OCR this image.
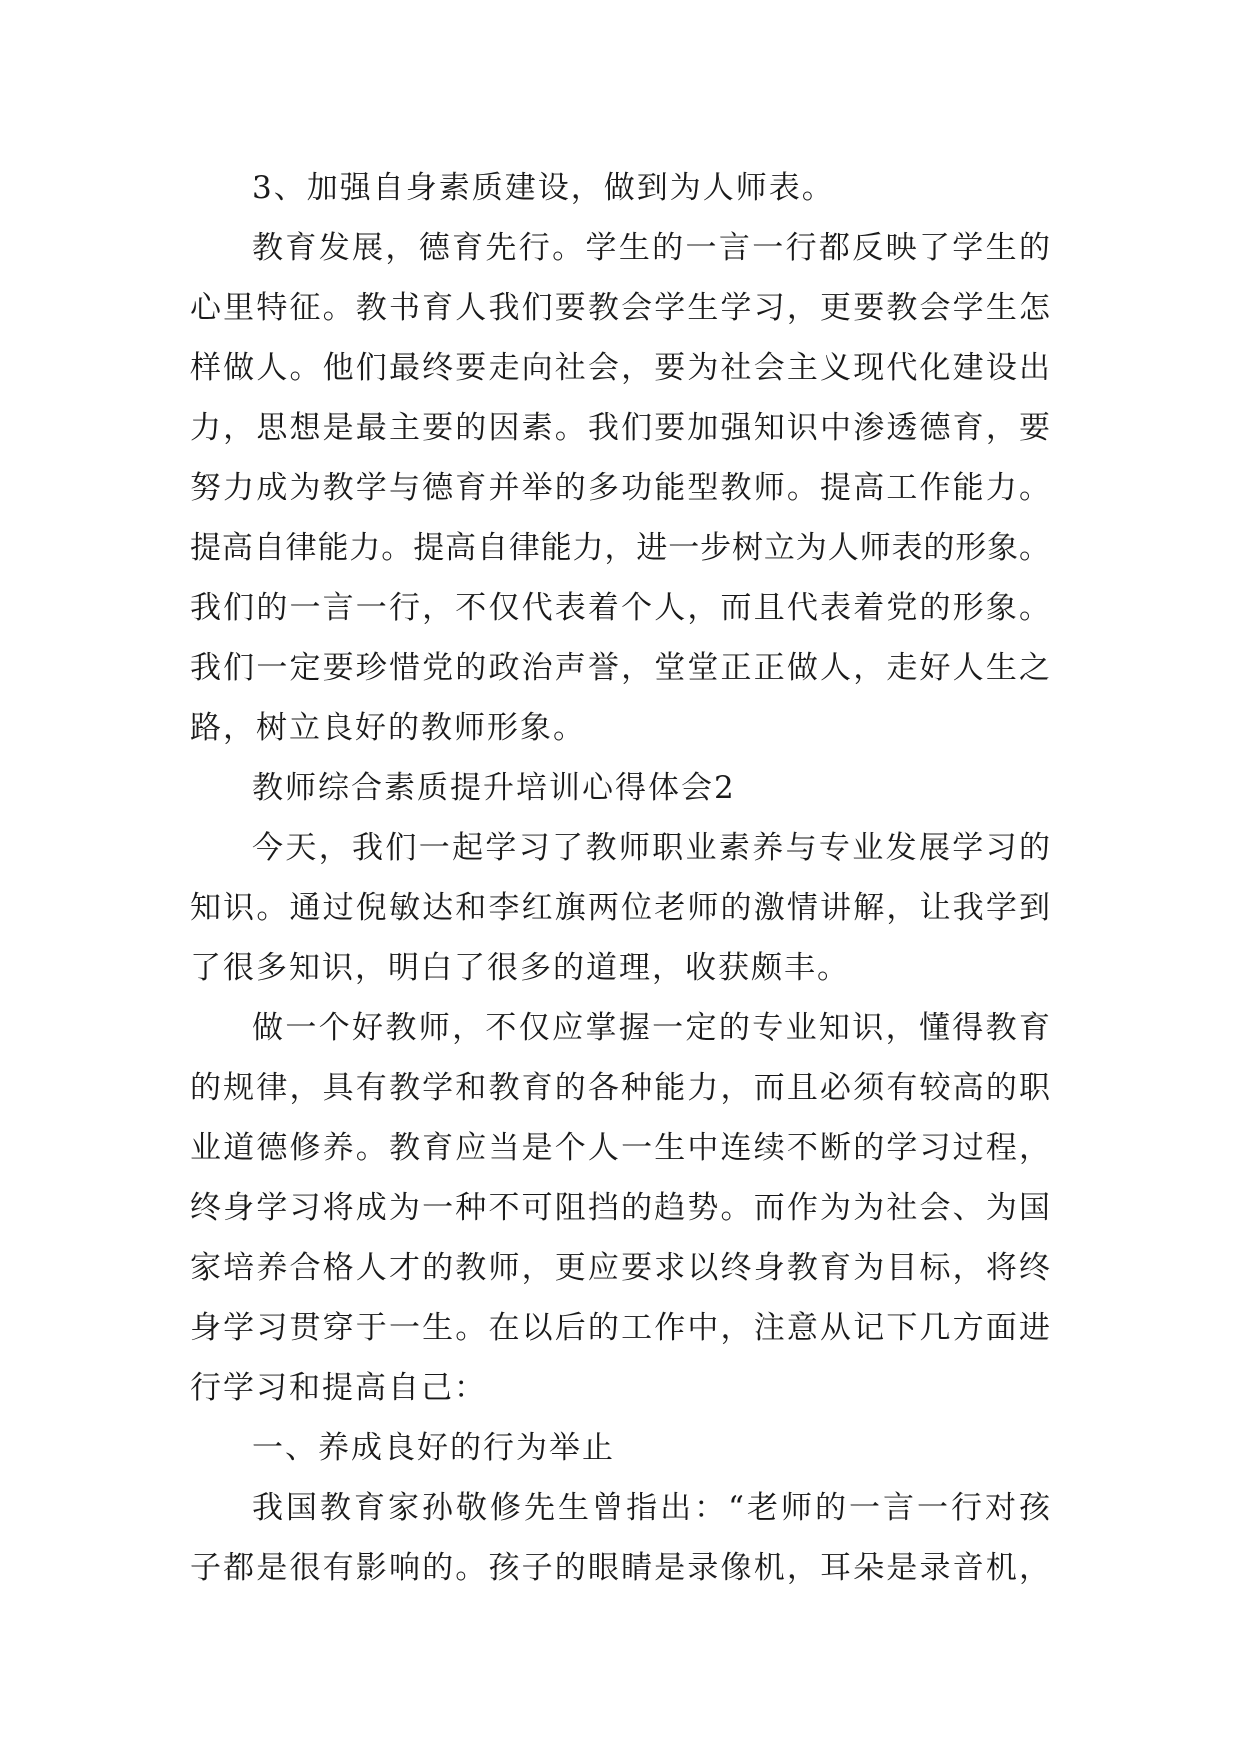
3、加强自身素质建设，做到为人师表。
教育发展，德育先行。学生的一言一行都反映了学生的
心里特征。教书育人我们要教会学生学习，更要教会学生怎
样做人。他们最终要走向社会，要为社会主义现代化建设出
力，思想是最主要的因素。我们要加强知识中渗透德育，要
努力成为教学与德育并举的多功能型教师。提高工作能力。
提高自律能力。提高自律能力，进一步树立为人师表的形象。
我们的一言一行，不仅代表着个人，而且代表着党的形象。
我们一定要珍惜党的政治声誉，堂堂正正做人，走好人生之
路，树立良好的教师形象。
教师综合素质提升培训心得体会2
今天，我们一起学习了教师职业素养与专业发展学习的
知识。通过倪敏达和李红旗两位老师的激情讲解，让我学到
了很多知识，明白了很多的道理，收获颇丰。
做一个好教师，不仅应掌握一定的专业知识，懂得教育
的规律，具有教学和教育的各种能力，而且必须有较高的职
业道德修养。教育应当是个人一生中连续不断的学习过程，
终身学习将成为一种不可阻挡的趋势。而作为为社会、为国
家培养合格人才的教师，更应要求以终身教育为目标，将终
身学习贯穿于一生。在以后的工作中，注意从记下几方面进
行学习和提高自己：
一、养成良好的行为举止
我国教育家孙敬修先生曾指出：“老师的一言一行对孩
子都是很有影响的。孩子的眼睛是录像机，耳朵是录音机，
